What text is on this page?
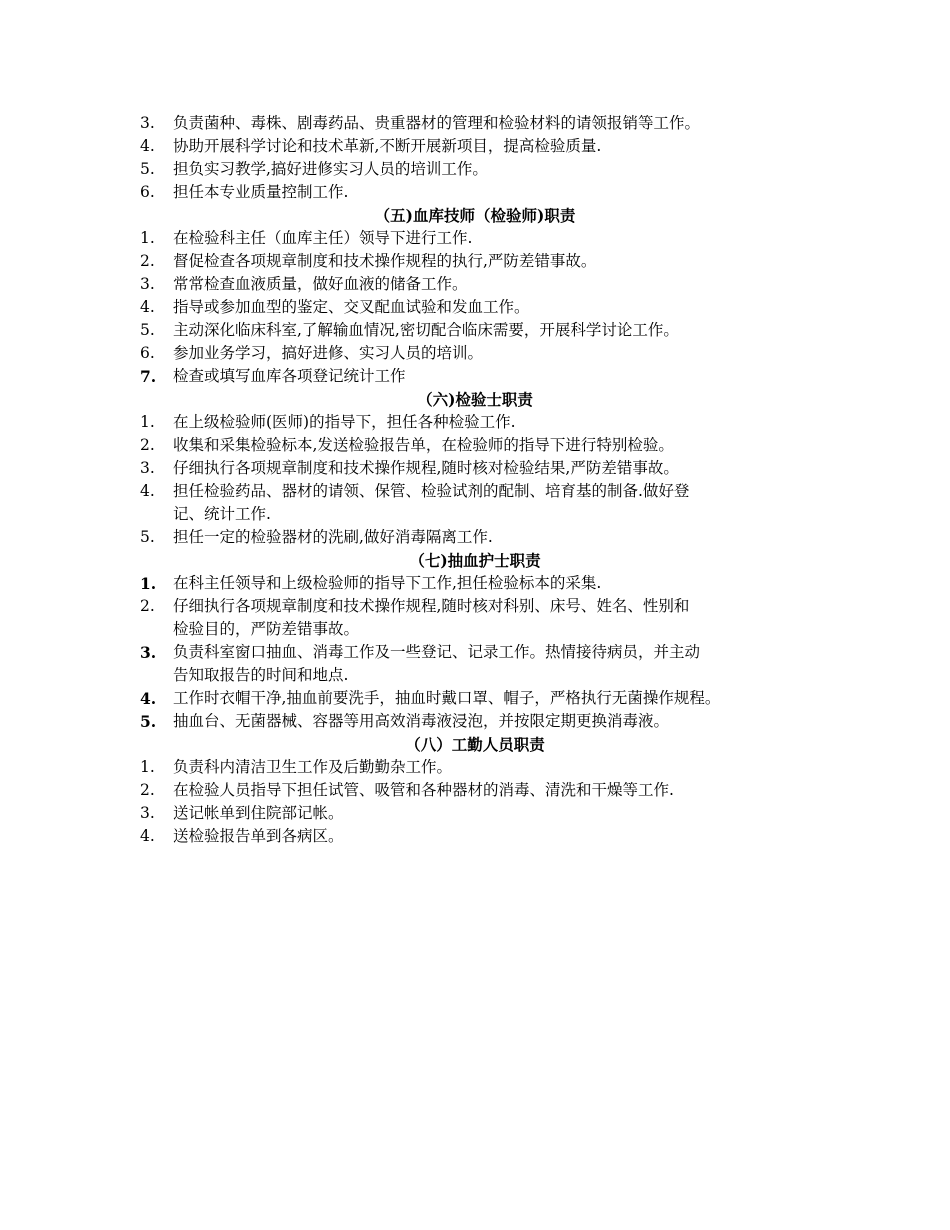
3. 负责菌种、毒株、剧毒药品、贵重器材的管理和检验材料的请领报销等工作。
4. 协助开展科学讨论和技术革新,不断开展新项目，提高检验质量.
5. 担负实习教学,搞好进修实习人员的培训工作。
6. 担任本专业质量控制工作.
（五)血库技师（检验师)职责
1. 在检验科主任（血库主任）领导下进行工作.
2. 督促检查各项规章制度和技术操作规程的执行,严防差错事故。
3. 常常检查血液质量，做好血液的储备工作。
4. 指导或参加血型的鉴定、交叉配血试验和发血工作。
5. 主动深化临床科室,了解输血情况,密切配合临床需要，开展科学讨论工作。
6. 参加业务学习，搞好进修、实习人员的培训。
7. 检查或填写血库各项登记统计工作
（六)检验士职责
1. 在上级检验师(医师)的指导下，担任各种检验工作.
2. 收集和采集检验标本,发送检验报告单，在检验师的指导下进行特别检验。
3. 仔细执行各项规章制度和技术操作规程,随时核对检验结果,严防差错事故。
4. 担任检验药品、器材的请领、保管、检验试剂的配制、培育基的制备.做好登
记、统计工作.
5. 担任一定的检验器材的洗刷,做好消毒隔离工作.
（七)抽血护士职责
1. 在科主任领导和上级检验师的指导下工作,担任检验标本的采集.
2. 仔细执行各项规章制度和技术操作规程,随时核对科别、床号、姓名、性别和
检验目的，严防差错事故。
3. 负责科室窗口抽血、消毒工作及一些登记、记录工作。热情接待病员，并主动
告知取报告的时间和地点.
4. 工作时衣帽干净,抽血前要洗手，抽血时戴口罩、帽子，严格执行无菌操作规程。
5. 抽血台、无菌器械、容器等用高效消毒液浸泡，并按限定期更换消毒液。
（八）工勤人员职责
1. 负责科内清洁卫生工作及后勤勤杂工作。
2. 在检验人员指导下担任试管、吸管和各种器材的消毒、清洗和干燥等工作.
3. 送记帐单到住院部记帐。
4. 送检验报告单到各病区。
